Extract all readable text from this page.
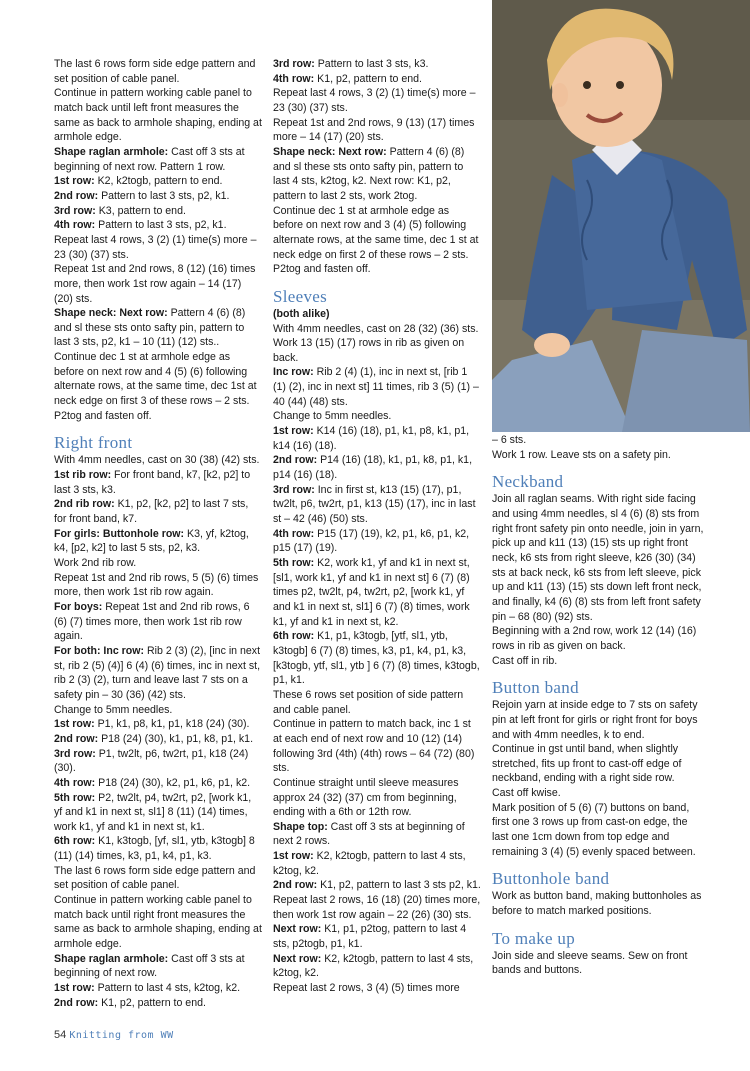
The last 6 rows form side edge pattern and set position of cable panel.

Continue in pattern working cable panel to match back until left front measures the same as back to armhole shaping, ending at armhole edge.

Shape raglan armhole: Cast off 3 sts at beginning of next row. Pattern 1 row.

1st row: K2, k2togb, pattern to end.

2nd row: Pattern to last 3 sts, p2, k1.

3rd row: K3, pattern to end.

4th row: Pattern to last 3 sts, p2, k1.

Repeat last 4 rows, 3 (2) (1) time(s) more – 23 (30) (37) sts.

Repeat 1st and 2nd rows, 8 (12) (16) times more, then work 1st row again – 14 (17) (20) sts.

Shape neck: Next row: Pattern 4 (6) (8) and sl these sts onto safty pin, pattern to last 3 sts, p2, k1 – 10 (11) (12) sts..

Continue dec 1 st at armhole edge as before on next row and 4 (5) (6) following alternate rows, at the same time, dec 1st at neck edge on first 3 of these rows – 2 sts. P2tog and fasten off.

Right front

With 4mm needles, cast on 30 (38) (42) sts.

1st rib row: For front band, k7, [k2, p2] to last 3 sts, k3.

2nd rib row: K1, p2, [k2, p2] to last 7 sts, for front band, k7.

For girls: Buttonhole row: K3, yf, k2tog, k4, [p2, k2] to last 5 sts, p2, k3.

Work 2nd rib row.

Repeat 1st and 2nd rib rows, 5 (5) (6) times more, then work 1st rib row again.

For boys: Repeat 1st and 2nd rib rows, 6 (6) (7) times more, then work 1st rib row again.

For both: Inc row: Rib 2 (3) (2), [inc in next st, rib 2 (5) (4)] 6 (4) (6) times, inc in next st, rib 2 (3) (2), turn and leave last 7 sts on a safety pin – 30 (36) (42) sts.

Change to 5mm needles.

1st row: P1, k1, p8, k1, p1, k18 (24) (30).

2nd row: P18 (24) (30), k1, p1, k8, p1, k1.

3rd row: P1, tw2lt, p6, tw2rt, p1, k18 (24) (30).

4th row: P18 (24) (30), k2, p1, k6, p1, k2.

5th row: P2, tw2lt, p4, tw2rt, p2, [work k1, yf and k1 in next st, sl1] 8 (11) (14) times, work k1, yf and k1 in next st, k1.

6th row: K1, k3togb, [yf, sl1, ytb, k3togb] 8 (11) (14) times, k3, p1, k4, p1, k3.

The last 6 rows form side edge pattern and set position of cable panel.

Continue in pattern working cable panel to match back until right front measures the same as back to armhole shaping, ending at armhole edge.

Shape raglan armhole: Cast off 3 sts at beginning of next row.

1st row: Pattern to last 4 sts, k2tog, k2.

2nd row: K1, p2, pattern to end.

3rd row: Pattern to last 3 sts, k3.

4th row: K1, p2, pattern to end.

Repeat last 4 rows, 3 (2) (1) time(s) more – 23 (30) (37) sts.

Repeat 1st and 2nd rows, 9 (13) (17) times more – 14 (17) (20) sts.

Shape neck: Next row: Pattern 4 (6) (8) and sl these sts onto safty pin, pattern to last 4 sts, k2tog, k2. Next row: K1, p2, pattern to last 2 sts, work 2tog.

Continue dec 1 st at armhole edge as before on next row and 3 (4) (5) following alternate rows, at the same time, dec 1 st at neck edge on first 2 of these rows – 2 sts. P2tog and fasten off.

Sleeves
(both alike)

With 4mm needles, cast on 28 (32) (36) sts. Work 13 (15) (17) rows in rib as given on back.

Inc row: Rib 2 (4) (1), inc in next st, [rib 1 (1) (2), inc in next st] 11 times, rib 3 (5) (1) – 40 (44) (48) sts.

Change to 5mm needles.

1st row: K14 (16) (18), p1, k1, p8, k1, p1, k14 (16) (18).

2nd row: P14 (16) (18), k1, p1, k8, p1, k1, p14 (16) (18).

3rd row: Inc in first st, k13 (15) (17), p1, tw2lt, p6, tw2rt, p1, k13 (15) (17), inc in last st – 42 (46) (50) sts.

4th row: P15 (17) (19), k2, p1, k6, p1, k2, p15 (17) (19).

5th row: K2, work k1, yf and k1 in next st, [sl1, work k1, yf and k1 in next st] 6 (7) (8) times p2, tw2lt, p4, tw2rt, p2, [work k1, yf and k1 in next st, sl1] 6 (7) (8) times, work k1, yf and k1 in next st, k2.

6th row: K1, p1, k3togb, [ytf, sl1, ytb, k3togb] 6 (7) (8) times, k3, p1, k4, p1, k3, [k3togb, ytf, sl1, ytb ] 6 (7) (8) times, k3togb, p1, k1.

These 6 rows set position of side pattern and cable panel.

Continue in pattern to match back, inc 1 st at each end of next row and 10 (12) (14) following 3rd (4th) (4th) rows – 64 (72) (80) sts.

Continue straight until sleeve measures approx 24 (32) (37) cm from beginning, ending with a 6th or 12th row.

Shape top: Cast off 3 sts at beginning of next 2 rows.

1st row: K2, k2togb, pattern to last 4 sts, k2tog, k2.

2nd row: K1, p2, pattern to last 3 sts p2, k1.

Repeat last 2 rows, 16 (18) (20) times more, then work 1st row again – 22 (26) (30) sts.

Next row: K1, p1, p2tog, pattern to last 4 sts, p2togb, p1, k1.

Next row: K2, k2togb, pattern to last 4 sts, k2tog, k2.

Repeat last 2 rows, 3 (4) (5) times more

– 6 sts.

Work 1 row. Leave sts on a safety pin.

Neckband

Join all raglan seams. With right side facing and using 4mm needles, sl 4 (6) (8) sts from right front safety pin onto needle, join in yarn, pick up and k11 (13) (15) sts up right front neck, k6 sts from right sleeve, k26 (30) (34) sts at back neck, k6 sts from left sleeve, pick up and k11 (13) (15) sts down left front neck, and finally, k4 (6) (8) sts from left front safety pin – 68 (80) (92) sts.

Beginning with a 2nd row, work 12 (14) (16) rows in rib as given on back.

Cast off in rib.

Button band

Rejoin yarn at inside edge to 7 sts on safety pin at left front for girls or right front for boys and with 4mm needles, k to end.

Continue in gst until band, when slightly stretched, fits up front to cast-off edge of neckband, ending with a right side row.

Cast off kwise.

Mark position of 5 (6) (7) buttons on band, first one 3 rows up from cast-on edge, the last one 1cm down from top edge and remaining 3 (4) (5) evenly spaced between.

Buttonhole band

Work as button band, making buttonholes as before to match marked positions.

To make up

Join side and sleeve seams. Sew on front bands and buttons.

54 Knitting from WW
